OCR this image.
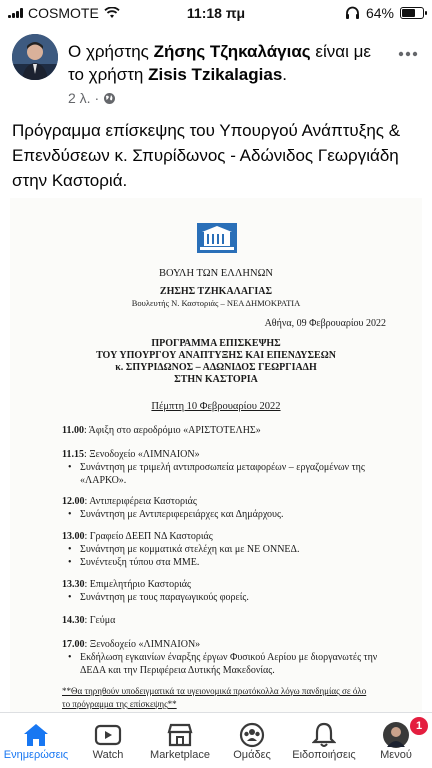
COSMOTE	11:18 πμ	64%
Ο χρήστης Ζήσης Τζηκαλάγιας είναι με το χρήστη Zisis Tzikalagias.
2 λ. ·
Πρόγραμμα επίσκεψης του Υπουργού Ανάπτυξης & Επενδύσεων κ. Σπυρίδωνος - Αδώνιδος Γεωργιάδη στην Καστοριά.
ΒΟΥΛΗ ΤΩΝ ΕΛΛΗΝΩΝ
ΖΗΣΗΣ ΤΖΗΚΑΛΑΓΙΑΣ
Βουλευτής Ν. Καστοριάς – ΝΕΑ ΔΗΜΟΚΡΑΤΙΑ
Αθήνα, 09 Φεβρουαρίου 2022
ΠΡΟΓΡΑΜΜΑ ΕΠΙΣΚΕΨΗΣ
ΤΟΥ ΥΠΟΥΡΓΟΥ ΑΝΑΠΤΥΞΗΣ ΚΑΙ ΕΠΕΝΔΥΣΕΩΝ
κ. ΣΠΥΡΙΔΩΝΟΣ – ΑΔΩΝΙΔΟΣ ΓΕΩΡΓΙΑΔΗ
ΣΤΗΝ ΚΑΣΤΟΡΙΑ
Πέμπτη 10 Φεβρουαρίου 2022
11.00: Άφιξη στο αεροδρόμιο «ΑΡΙΣΤΟΤΕΛΗΣ»
11.15: Ξενοδοχείο «ΛΙΜΝΑΙΟΝ»
• Συνάντηση με τριμελή αντιπροσωπεία μεταφορέων – εργαζομένων της
«ΛΑΡΚΟ».
12.00: Αντιπεριφέρεια Καστοριάς
• Συνάντηση με Αντιπεριφερειάρχες και Δημάρχους.
13.00: Γραφείο ΔΕΕΠ ΝΔ Καστοριάς
• Συνάντηση με κομματικά στελέχη και με ΝΕ ΟΝΝΕΔ.
• Συνέντευξη τύπου στα ΜΜΕ.
13.30: Επιμελητήριο Καστοριάς
• Συνάντηση με τους παραγωγικούς φορείς.
14.30: Γεύμα
17.00: Ξενοδοχείο «ΛΙΜΝΑΙΟΝ»
• Εκδήλωση εγκαινίων έναρξης έργων Φυσικού Αερίου με διοργανωτές την
ΔΕΔΑ και την Περιφέρεια Δυτικής Μακεδονίας.
**Θα τηρηθούν υποδειγματικά τα υγειονομικά πρωτόκολλα λόγω πανδημίας σε όλο
το πρόγραμμα της επίσκεψης**
Ενημερώσεις Watch Marketplace Ομάδες Ειδοποιήσεις
1
Μενού
